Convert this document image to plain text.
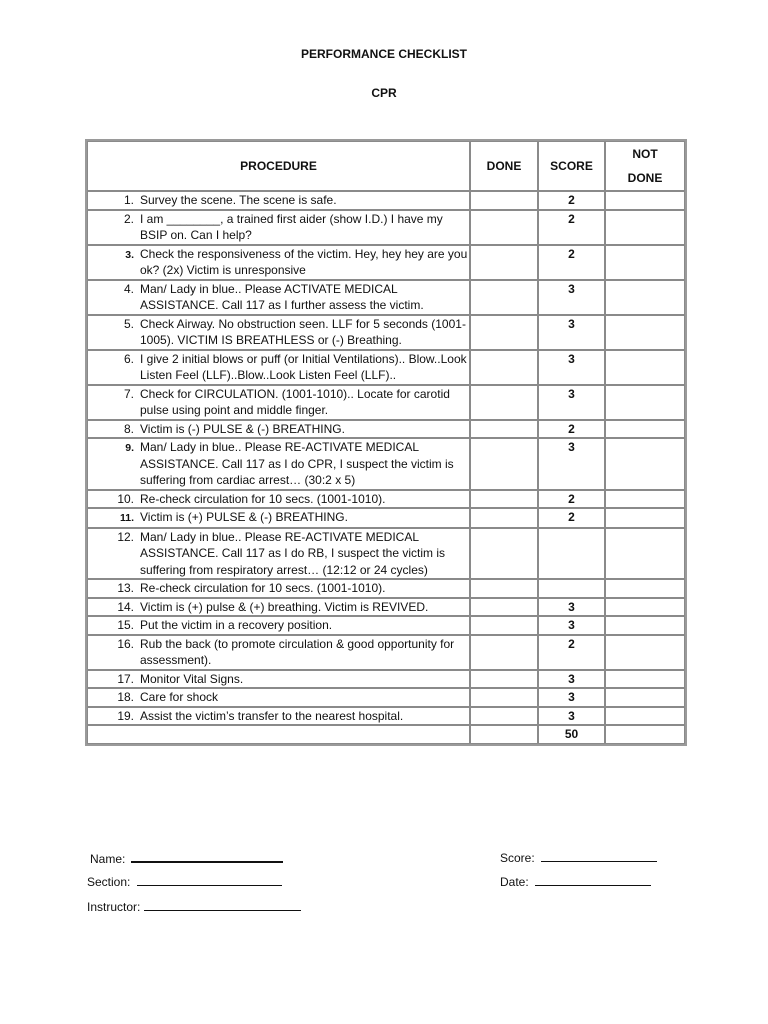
PERFORMANCE CHECKLIST
CPR
PROCEDURE	DONE	SCORE	NOT
DONE

1. Survey the scene. The scene is safe.		2	

2. I am ________, a trained first aider (show I.D.) I have my BSIP on. Can I help?		2	

3. Check the responsiveness of the victim. Hey, hey hey are you ok? (2x) Victim is unresponsive		2	

4. Man/ Lady in blue.. Please ACTIVATE MEDICAL ASSISTANCE. Call 117 as I further assess the victim.		3	

5. Check Airway. No obstruction seen. LLF for 5 seconds (1001-1005). VICTIM IS BREATHLESS or (-) Breathing.		3	

6. I give 2 initial blows or puff (or Initial Ventilations).. Blow..Look Listen Feel (LLF)..Blow..Look Listen Feel (LLF)..		3	

7. Check for CIRCULATION. (1001-1010).. Locate for carotid pulse using point and middle finger.		3	

8. Victim is (-) PULSE & (-) BREATHING.		2	

9. Man/ Lady in blue.. Please RE-ACTIVATE MEDICAL ASSISTANCE. Call 117 as I do CPR, I suspect the victim is suffering from cardiac arrest… (30:2 x 5)		3	

10. Re-check circulation for 10 secs. (1001-1010).		2	

11. Victim is (+) PULSE & (-) BREATHING.		2	

12. Man/ Lady in blue.. Please RE-ACTIVATE MEDICAL ASSISTANCE. Call 117 as I do RB, I suspect the victim is suffering from respiratory arrest… (12:12 or 24 cycles)			

13. Re-check circulation for 10 secs. (1001-1010).			

14. Victim is (+) pulse & (+) breathing. Victim is REVIVED.		3	

15. Put the victim in a recovery position.		3	

16. Rub the back (to promote circulation & good opportunity for assessment).		2	

17. Monitor Vital Signs.		3	

18. Care for shock		3	

19. Assist the victim’s transfer to the nearest hospital.		3	
		50	
Name:
Section:
Instructor:
Score:
Date:
